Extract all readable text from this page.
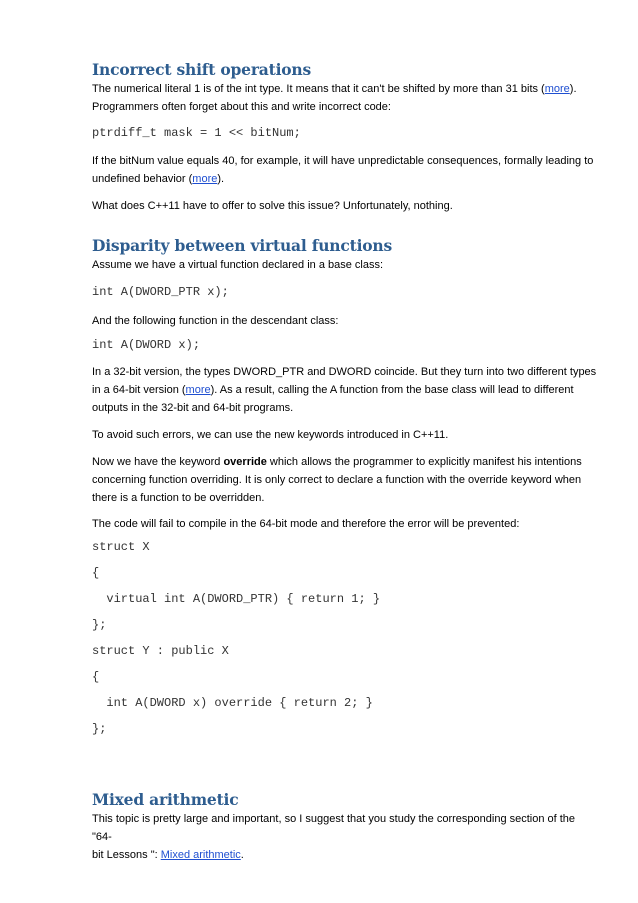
Incorrect shift operations

The numerical literal 1 is of the int type. It means that it can't be shifted by more than 31 bits (more).
Programmers often forget about this and write incorrect code:

ptrdiff_t mask = 1 << bitNum;

If the bitNum value equals 40, for example, it will have unpredictable consequences, formally leading to
undefined behavior (more).

What does C++11 have to offer to solve this issue? Unfortunately, nothing.

Disparity between virtual functions

Assume we have a virtual function declared in a base class:

int A(DWORD_PTR x);

And the following function in the descendant class:

int A(DWORD x);

In a 32-bit version, the types DWORD_PTR and DWORD coincide. But they turn into two different types
in a 64-bit version (more). As a result, calling the A function from the base class will lead to different
outputs in the 32-bit and 64-bit programs.

To avoid such errors, we can use the new keywords introduced in C++11.

Now we have the keyword override which allows the programmer to explicitly manifest his intentions
concerning function overriding. It is only correct to declare a function with the override keyword when
there is a function to be overridden.

The code will fail to compile in the 64-bit mode and therefore the error will be prevented:

struct X
{
virtual int A(DWORD_PTR) { return 1; }
};
struct Y : public X
{
int A(DWORD x) override { return 2; }
};
Mixed arithmetic

This topic is pretty large and important, so I suggest that you study the corresponding section of the "64-
bit Lessons ": Mixed arithmetic.
